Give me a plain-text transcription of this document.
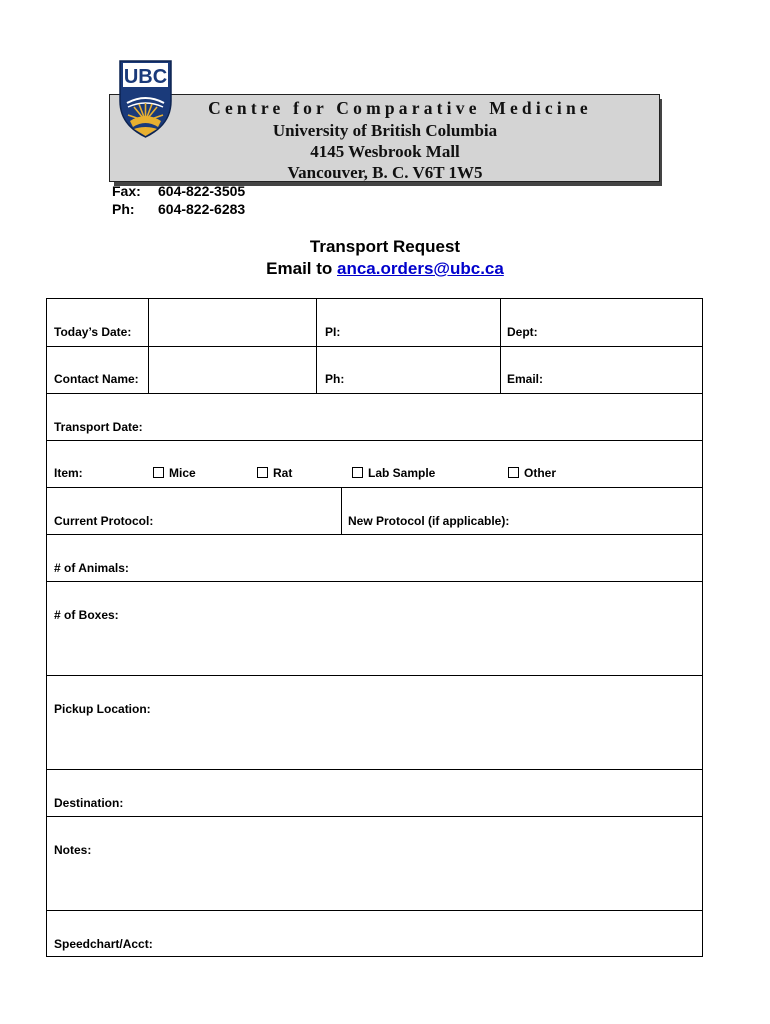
UBC
Centre for Comparative Medicine
University of British Columbia
4145 Wesbrook Mall
Vancouver, B. C. V6T 1W5
Fax: 604-822-3505
Ph: 604-822-6283
Transport Request
Email to anca.orders@ubc.ca
Today’s Date:	PI:	Dept:
Contact Name:	Ph:	Email:
Transport Date:
Item:	Mice	Rat	Lab Sample	Other
Current Protocol:	New Protocol (if applicable):
# of Animals:
# of Boxes:
Pickup Location:
Destination:
Notes:
Speedchart/Acct:
